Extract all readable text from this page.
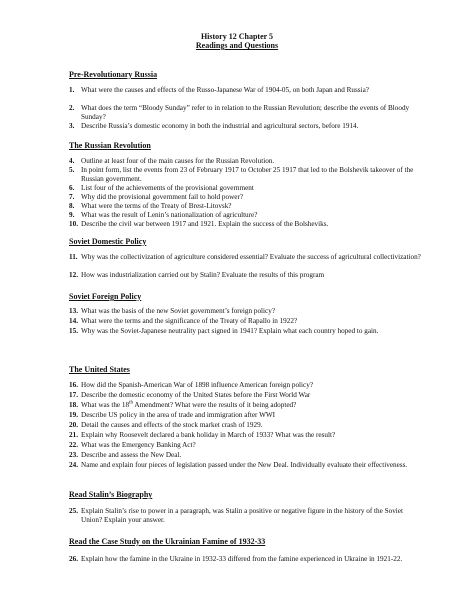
History 12 Chapter 5
Readings and Questions
Pre-Revolutionary Russia
1. What were the causes and effects of the Russo-Japanese War of 1904-05, on both Japan and Russia?
2. What does the term “Bloody Sunday” refer to in relation to the Russian Revolution; describe the events of Bloody Sunday?
3. Describe Russia’s domestic economy in both the industrial and agricultural sectors, before 1914.
The Russian Revolution
4. Outline at least four of the main causes for the Russian Revolution.
5. In point form, list the events from 23 of February 1917 to October 25 1917 that led to the Bolshevik takeover of the Russian government.
6. List four of the achievements of the provisional government
7. Why did the provisional government fail to hold power?
8. What were the terms of the Treaty of Brest-Litovsk?
9. What was the result of Lenin’s nationalization of agriculture?
10. Describe the civil war between 1917 and 1921. Explain the success of the Bolsheviks.
Soviet Domestic Policy
11. Why was the collectivization of agriculture considered essential? Evaluate the success of agricultural collectivization?
12. How was industrialization carried out by Stalin? Evaluate the results of this program
Soviet Foreign Policy
13. What was the basis of the new Soviet government’s foreign policy?
14. What were the terms and the significance of the Treaty of Rapallo in 1922?
15. Why was the Soviet-Japanese neutrality pact signed in 1941? Explain what each country hoped to gain.
The United States
16. How did the Spanish-American War of 1898 influence American foreign policy?
17. Describe the domestic economy of the United States before the First World War
18. What was the 18th Amendment? What were the results of it being adopted?
19. Describe US policy in the area of trade and immigration after WWI
20. Detail the causes and effects of the stock market crash of 1929.
21. Explain why Roosevelt declared a bank holiday in March of 1933? What was the result?
22. What was the Emergency Banking Act?
23. Describe and assess the New Deal.
24. Name and explain four pieces of legislation passed under the New Deal. Individually evaluate their effectiveness.
Read Stalin’s Biography
25. Explain Stalin’s rise to power in a paragraph, was Stalin a positive or negative figure in the history of the Soviet Union? Explain your answer.
Read the Case Study on the Ukrainian Famine of 1932-33
26. Explain how the famine in the Ukraine in 1932-33 differed from the famine experienced in Ukraine in 1921-22.
